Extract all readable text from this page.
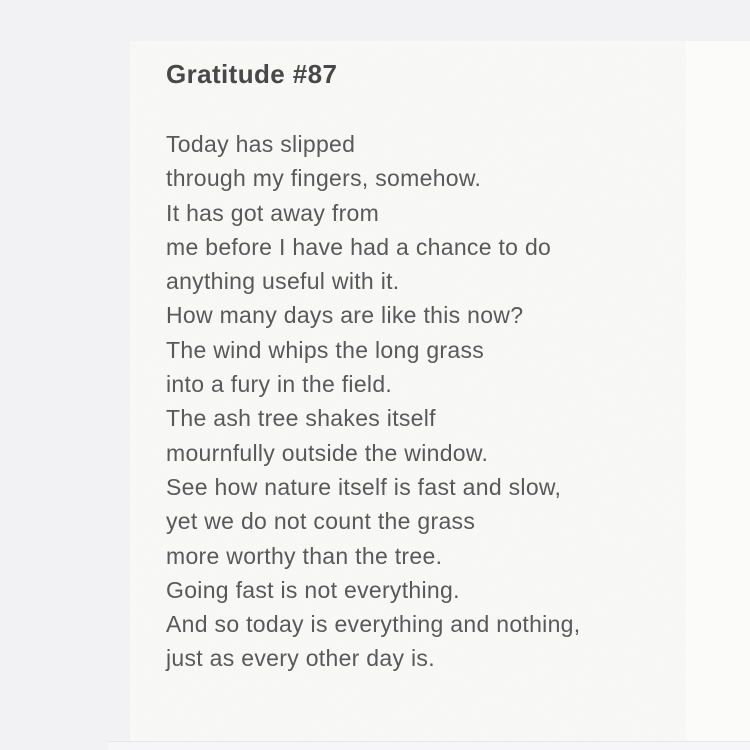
Gratitude #87

Today has slipped

through my fingers, somehow.

It has got away from

me before I have had a chance to do

anything useful with it.

How many days are like this now?

The wind whips the long grass

into a fury in the field.

The ash tree shakes itself

mournfully outside the window.

See how nature itself is fast and slow,

yet we do not count the grass

more worthy than the tree.

Going fast is not everything.

And so today is everything and nothing,

just as every other day is.
